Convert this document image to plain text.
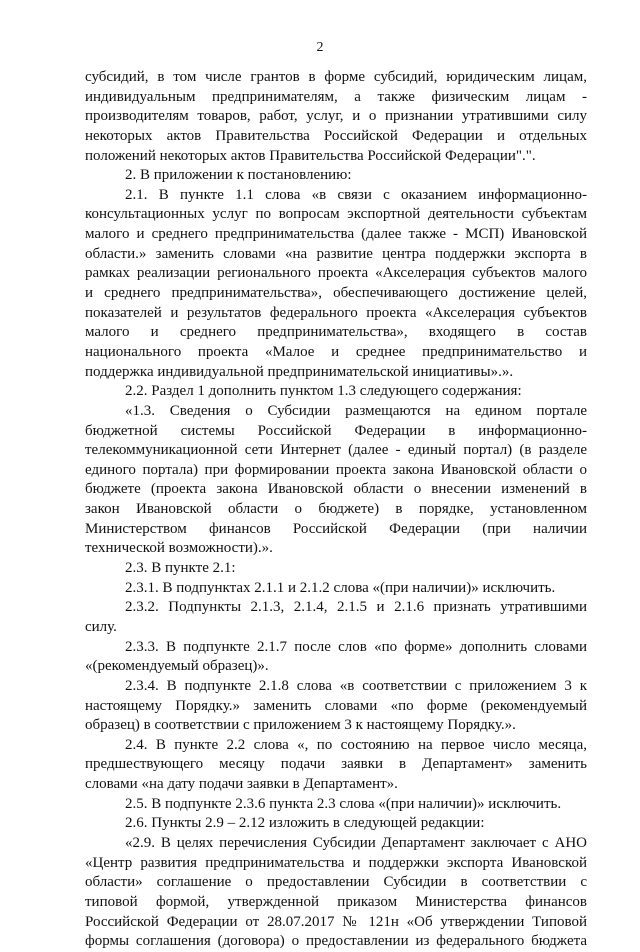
2
субсидий, в том числе грантов в форме субсидий, юридическим лицам,
индивидуальным предпринимателям, а также физическим лицам -
производителям товаров, работ, услуг, и о признании утратившими силу
некоторых актов Правительства Российской Федерации и отдельных
положений некоторых актов Правительства Российской Федерации".".
2. В приложении к постановлению:
2.1. В пункте 1.1 слова «в связи с оказанием информационно-
консультационных услуг по вопросам экспортной деятельности субъектам
малого и среднего предпринимательства (далее также - МСП) Ивановской
области.» заменить словами «на развитие центра поддержки экспорта в
рамках реализации регионального проекта «Акселерация субъектов малого
и среднего предпринимательства», обеспечивающего достижение целей,
показателей и результатов федерального проекта «Акселерация субъектов
малого и среднего предпринимательства», входящего в состав
национального проекта «Малое и среднее предпринимательство и
поддержка индивидуальной предпринимательской инициативы».».
2.2. Раздел 1 дополнить пунктом 1.3 следующего содержания:
«1.3. Сведения о Субсидии размещаются на едином портале
бюджетной системы Российской Федерации в информационно-
телекоммуникационной сети Интернет (далее - единый портал) (в разделе
единого портала) при формировании проекта закона Ивановской области о
бюджете (проекта закона Ивановской области о внесении изменений в
закон Ивановской области о бюджете) в порядке, установленном
Министерством финансов Российской Федерации (при наличии
технической возможности).».
2.3. В пункте 2.1:
2.3.1. В подпунктах 2.1.1 и 2.1.2 слова «(при наличии)» исключить.
2.3.2. Подпункты 2.1.3, 2.1.4, 2.1.5 и 2.1.6 признать утратившими
силу.
2.3.3. В подпункте 2.1.7 после слов «по форме» дополнить словами
«(рекомендуемый образец)».
2.3.4. В подпункте 2.1.8 слова «в соответствии с приложением 3 к
настоящему Порядку.» заменить словами «по форме (рекомендуемый
образец) в соответствии с приложением 3 к настоящему Порядку.».
2.4. В пункте 2.2 слова «, по состоянию на первое число месяца,
предшествующего месяцу подачи заявки в Департамент» заменить
словами «на дату подачи заявки в Департамент».
2.5. В подпункте 2.3.6 пункта 2.3 слова «(при наличии)» исключить.
2.6. Пункты 2.9 – 2.12 изложить в следующей редакции:
«2.9. В целях перечисления Субсидии Департамент заключает с АНО
«Центр развития предпринимательства и поддержки экспорта Ивановской
области» соглашение о предоставлении Субсидии в соответствии с
типовой формой, утвержденной приказом Министерства финансов
Российской Федерации от 28.07.2017 № 121н «Об утверждении Типовой
формы соглашения (договора) о предоставлении из федерального бюджета
